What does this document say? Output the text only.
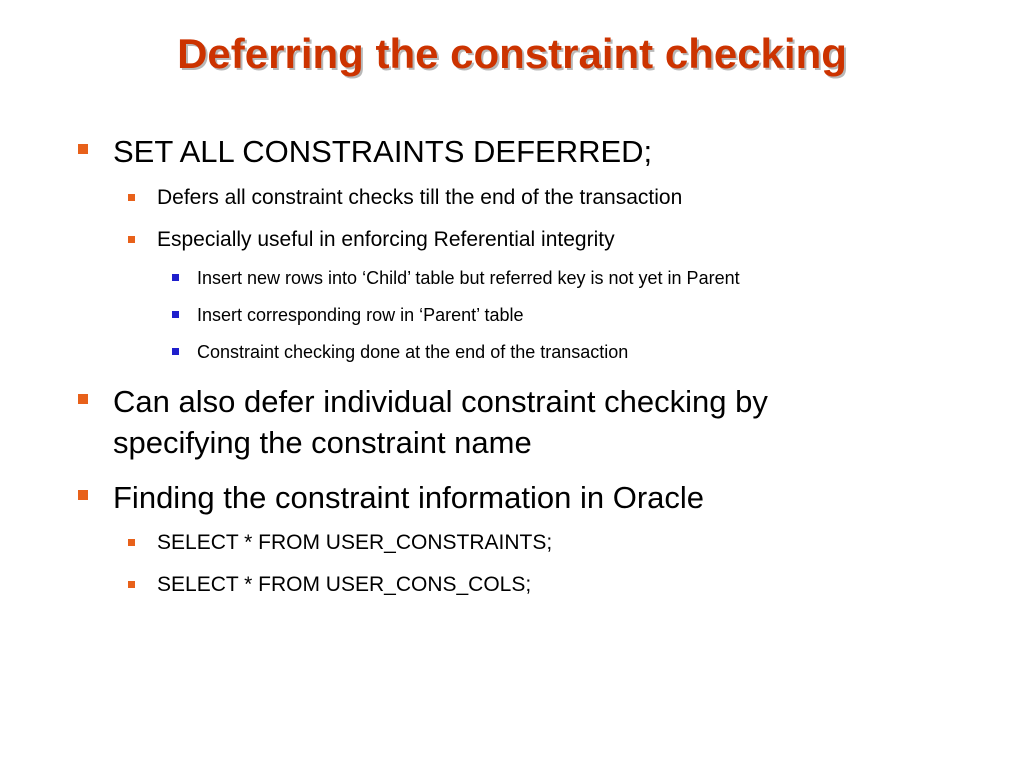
Deferring the constraint checking
SET ALL CONSTRAINTS DEFERRED;
Defers all constraint checks till the end of the transaction
Especially useful in enforcing Referential integrity
Insert new rows into ‘Child’ table but referred key is not yet in Parent
Insert corresponding row in ‘Parent’ table
Constraint checking done at the end of the transaction
Can also defer individual constraint checking by specifying the constraint name
Finding the constraint information in Oracle
SELECT * FROM USER_CONSTRAINTS;
SELECT * FROM USER_CONS_COLS;
